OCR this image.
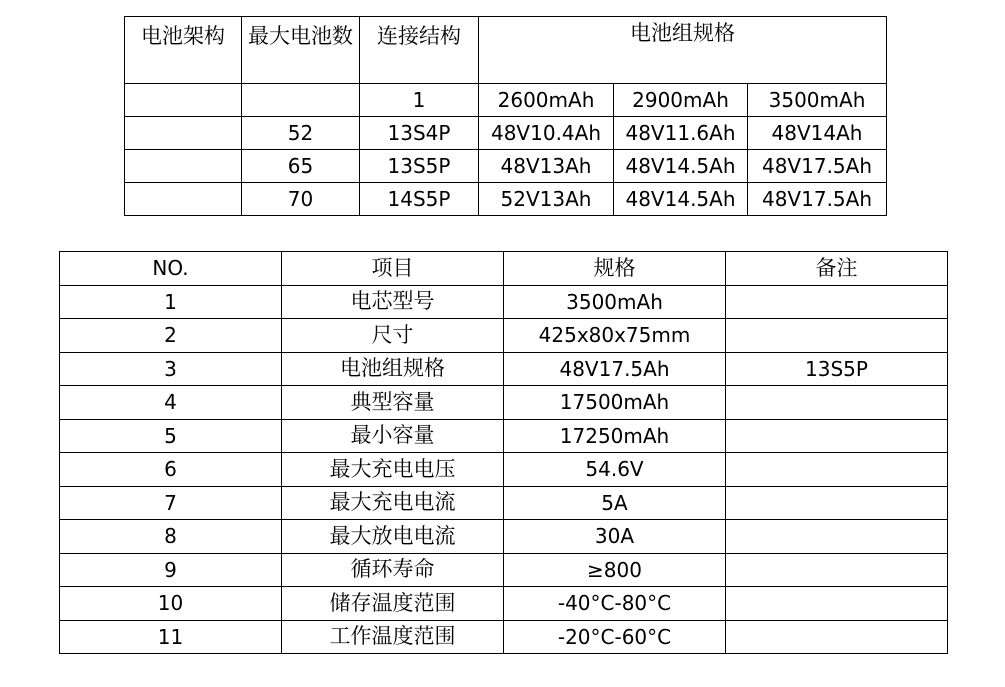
电池架构	最大电池数	连接结构	电池组规格		
		1	2600mAh	2900mAh	3500mAh
	52	13S4P	48V10.4Ah	48V11.6Ah	48V14Ah
	65	13S5P	48V13Ah	48V14.5Ah	48V17.5Ah
	70	14S5P	52V13Ah	48V14.5Ah	48V17.5Ah
NO.	项目	规格	备注
1	电芯型号	3500mAh	
2	尺寸	425x80x75mm	
3	电池组规格	48V17.5Ah	13S5P
4	典型容量	17500mAh	
5	最小容量	17250mAh	
6	最大充电电压	54.6V	
7	最大充电电流	5A	
8	最大放电电流	30A	
9	循环寿命	≥800	
10	储存温度范围	-40°C-80°C	
11	工作温度范围	-20°C-60°C	
